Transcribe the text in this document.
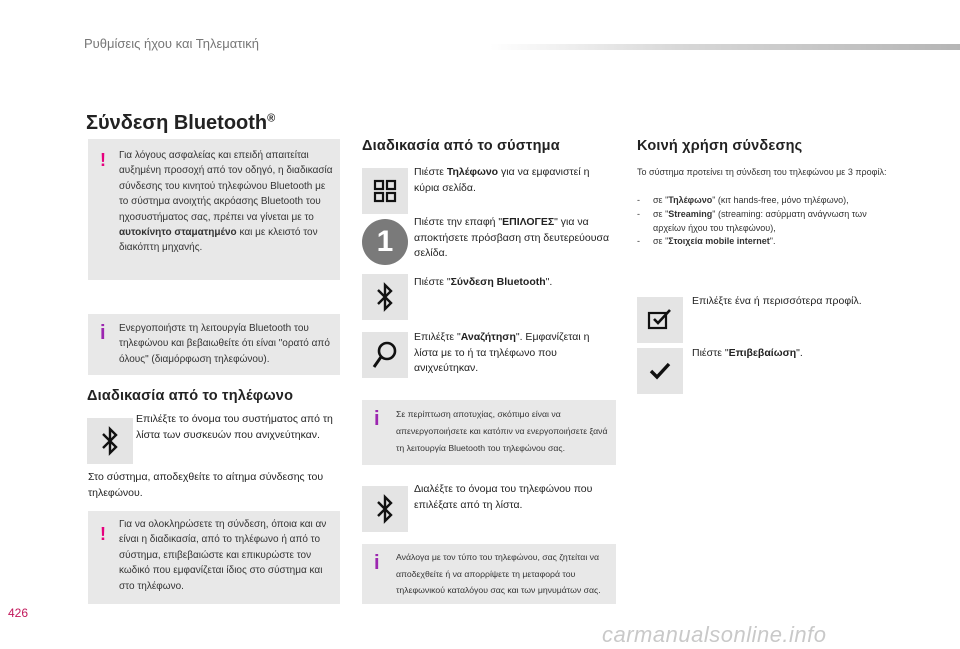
Ρυθμίσεις ήχου και Τηλεματική
Σύνδεση Bluetooth®
! Για λόγους ασφαλείας και επειδή απαιτείται αυξημένη προσοχή από τον οδηγό, η διαδικασία σύνδεσης του κινητού τηλεφώνου Bluetooth με το σύστημα ανοιχτής ακρόασης Bluetooth του ηχοσυστήματος σας, πρέπει να γίνεται με το αυτοκίνητο σταματημένο και με κλειστό τον διακόπτη μηχανής.
i Ενεργοποιήστε τη λειτουργία Bluetooth του τηλεφώνου και βεβαιωθείτε ότι είναι "ορατό από όλους" (διαμόρφωση τηλεφώνου).
Διαδικασία από το τηλέφωνο
Επιλέξτε το όνομα του συστήματος από τη λίστα των συσκευών που ανιχνεύτηκαν.
Στο σύστημα, αποδεχθείτε το αίτημα σύνδεσης του τηλεφώνου.
! Για να ολοκληρώσετε τη σύνδεση, όποια και αν είναι η διαδικασία, από το τηλέφωνο ή από το σύστημα, επιβεβαιώστε και επικυρώστε τον κωδικό που εμφανίζεται ίδιος στο σύστημα και στο τηλέφωνο.
Διαδικασία από το σύστημα
Πιέστε Τηλέφωνο για να εμφανιστεί η κύρια σελίδα.
1
Πιέστε την επαφή "ΕΠΙΛΟΓΕΣ" για να αποκτήσετε πρόσβαση στη δευτερεύουσα σελίδα.
Πιέστε "Σύνδεση Bluetooth".
Επιλέξτε "Αναζήτηση". Εμφανίζεται η λίστα με το ή τα τηλέφωνο που ανιχνεύτηκαν.
i Σε περίπτωση αποτυχίας, σκόπιμο είναι να απενεργοποιήσετε και κατόπιν να ενεργοποιήσετε ξανά τη λειτουργία Bluetooth του τηλεφώνου σας.
Διαλέξτε το όνομα του τηλεφώνου που επιλέξατε από τη λίστα.
i Ανάλογα με τον τύπο του τηλεφώνου, σας ζητείται να αποδεχθείτε ή να απορρίψετε τη μεταφορά του τηλεφωνικού καταλόγου σας και των μηνυμάτων σας.
Κοινή χρήση σύνδεσης
Το σύστημα προτείνει τη σύνδεση του τηλεφώνου με 3 προφίλ:
- σε "Τηλέφωνο" (κιτ hands-free, μόνο τηλέφωνο),
- σε "Streaming" (streaming: ασύρματη ανάγνωση των αρχείων ήχου του τηλεφώνου),
- σε "Στοιχεία mobile internet".
Επιλέξτε ένα ή περισσότερα προφίλ.
Πιέστε "Επιβεβαίωση".
426
carmanualsonline.info
